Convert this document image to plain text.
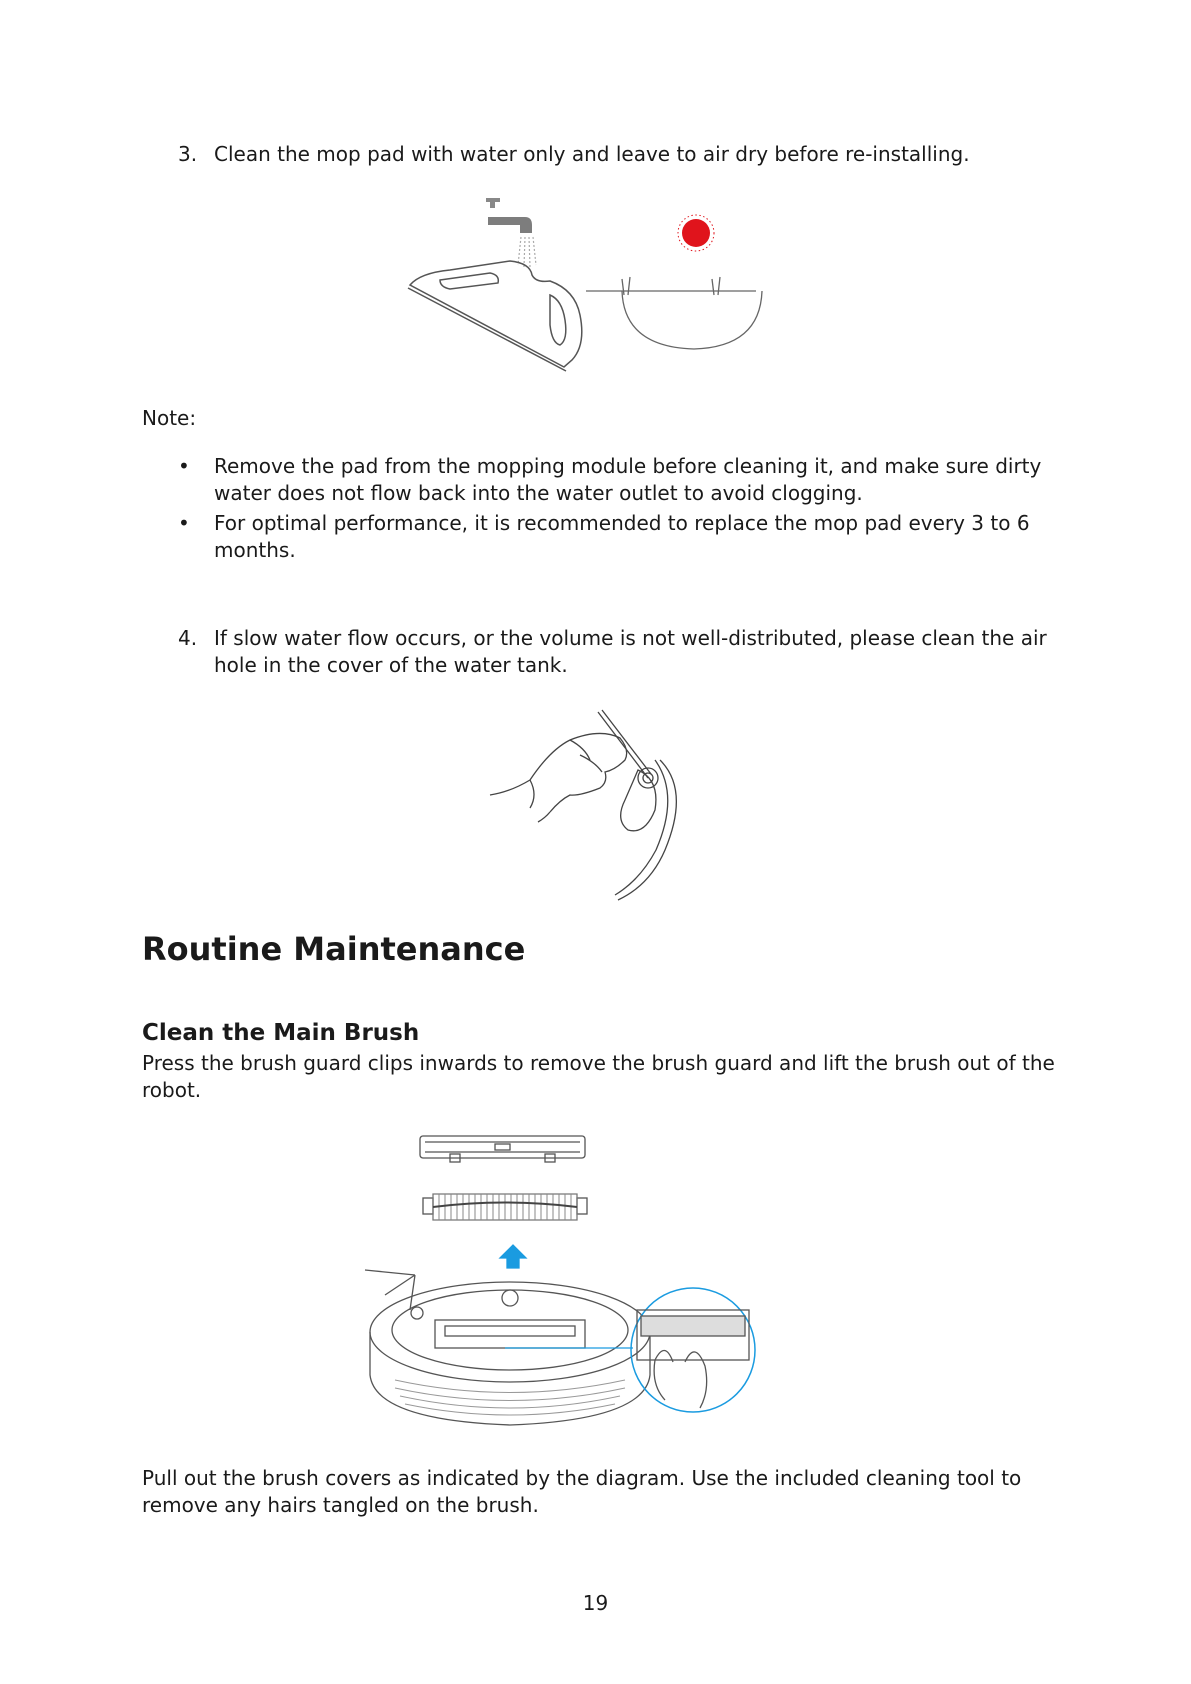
3. Clean the mop pad with water only and leave to air dry before re-installing.
Note:
• Remove the pad from the mopping module before cleaning it, and make sure dirty water does not flow back into the water outlet to avoid clogging.
• For optimal performance, it is recommended to replace the mop pad every 3 to 6 months.
4. If slow water flow occurs, or the volume is not well-distributed, please clean the air hole in the cover of the water tank.
Routine Maintenance
Clean the Main Brush
Press the brush guard clips inwards to remove the brush guard and lift the brush out of the robot.
Pull out the brush covers as indicated by the diagram. Use the included cleaning tool to remove any hairs tangled on the brush.
19
